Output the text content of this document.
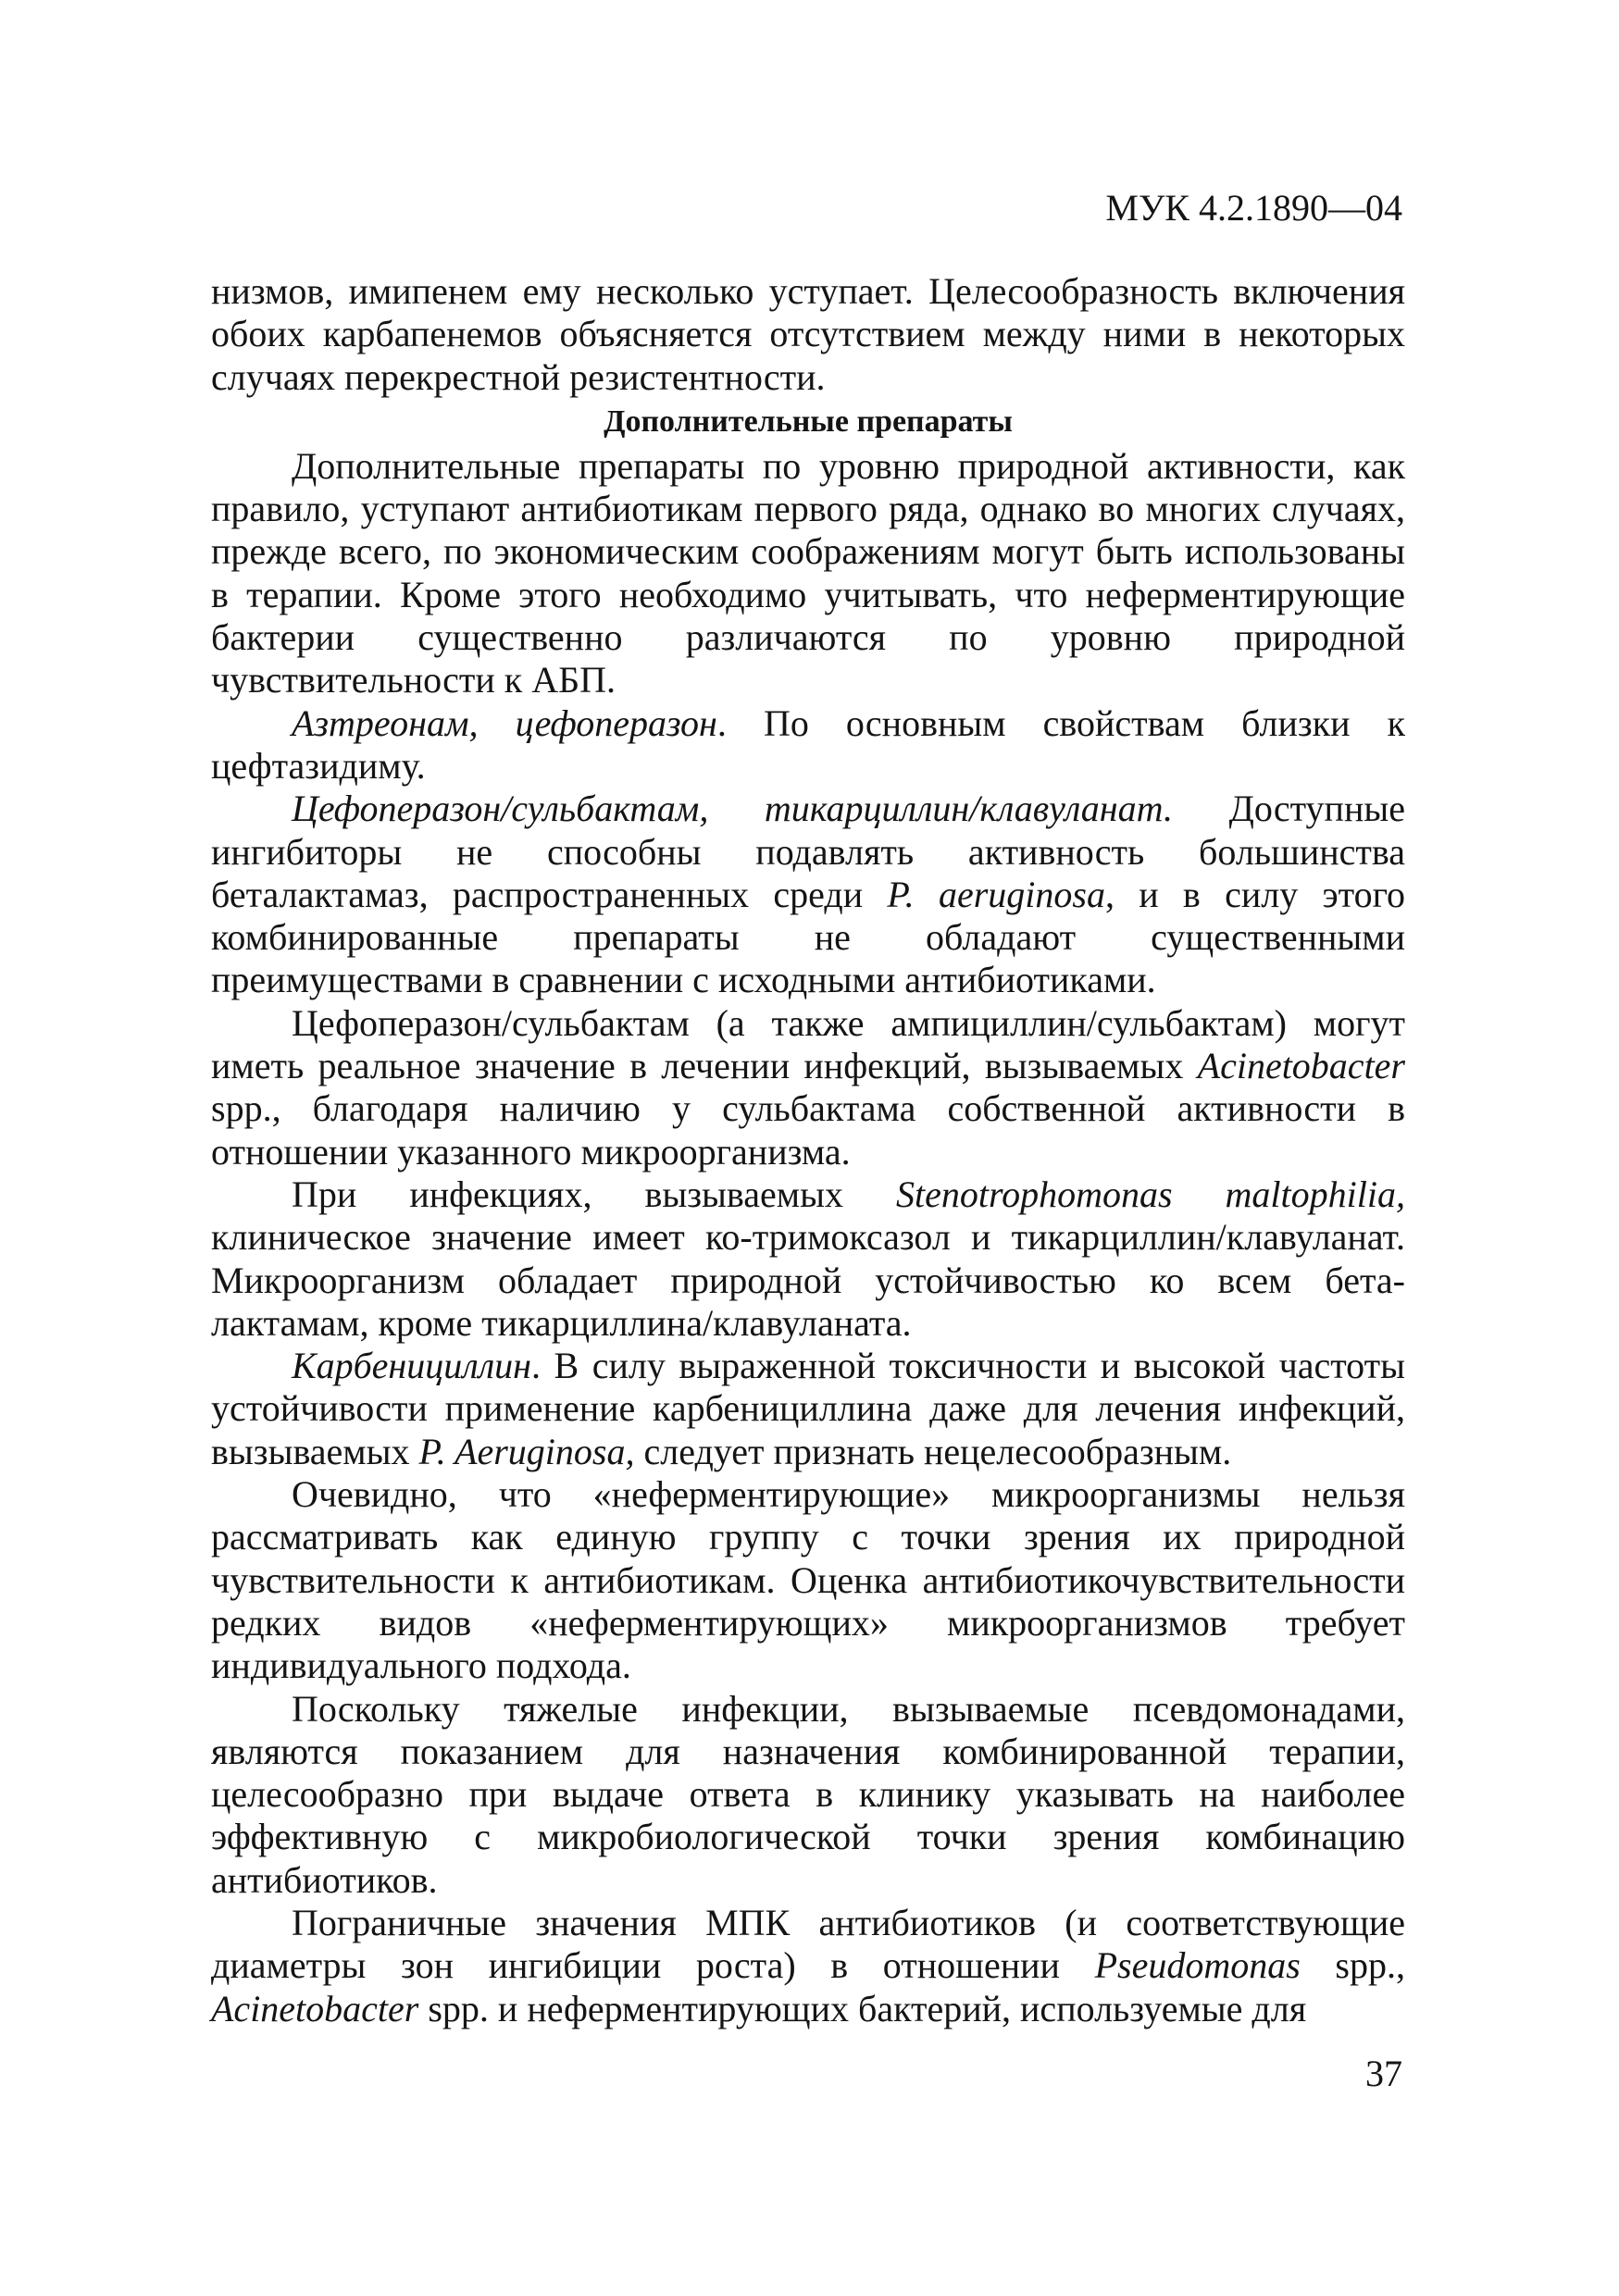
МУК 4.2.1890—04

низмов, имипенем ему несколько уступает. Целесообразность включения обоих карбапенемов объясняется отсутствием между ними в некоторых случаях перекрестной резистентности.

Дополнительные препараты

Дополнительные препараты по уровню природной активности, как правило, уступают антибиотикам первого ряда, однако во многих случаях, прежде всего, по экономическим соображениям могут быть использованы в терапии. Кроме этого необходимо учитывать, что неферментирующие бактерии существенно различаются по уровню природной чувствительности к АБП.

Азтреонам, цефоперазон. По основным свойствам близки к цефтазидиму.

Цефоперазон/сульбактам, тикарциллин/клавуланат. Доступные ингибиторы не способны подавлять активность большинства беталактамаз, распространенных среди P. aeruginosa, и в силу этого комбинированные препараты не обладают существенными преимуществами в сравнении с исходными антибиотиками.

Цефоперазон/сульбактам (а также ампициллин/сульбактам) могут иметь реальное значение в лечении инфекций, вызываемых Acinetobacter spp., благодаря наличию у сульбактама собственной активности в отношении указанного микроорганизма.

При инфекциях, вызываемых Stenotrophomonas maltophilia, клиническое значение имеет ко-тримоксазол и тикарциллин/клавуланат. Микроорганизм обладает природной устойчивостью ко всем бета-лактамам, кроме тикарциллина/клавуланата.

Карбенициллин. В силу выраженной токсичности и высокой частоты устойчивости применение карбенициллина даже для лечения инфекций, вызываемых P. Aeruginosa, следует признать нецелесообразным.

Очевидно, что «неферментирующие» микроорганизмы нельзя рассматривать как единую группу с точки зрения их природной чувствительности к антибиотикам. Оценка антибиотикочувствительности редких видов «неферментирующих» микроорганизмов требует индивидуального подхода.

Поскольку тяжелые инфекции, вызываемые псевдомонадами, являются показанием для назначения комбинированной терапии, целесообразно при выдаче ответа в клинику указывать на наиболее эффективную с микробиологической точки зрения комбинацию антибиотиков.

Пограничные значения МПК антибиотиков (и соответствующие диаметры зон ингибиции роста) в отношении Pseudomonas spp., Acinetobacter spp. и неферментирующих бактерий, используемые для

37
